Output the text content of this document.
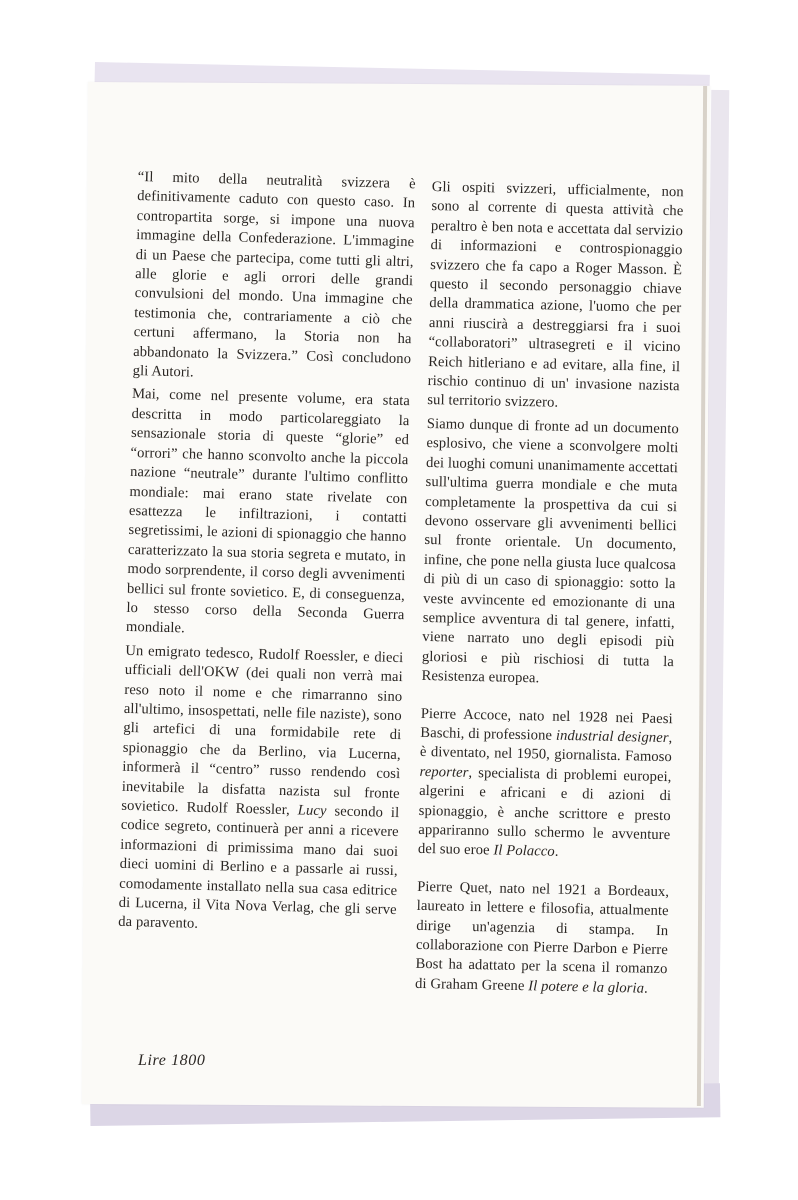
“Il mito della neutralità svizzera è definitivamente caduto con questo caso. In contropartita sorge, si impone una nuova immagine della Confederazione. L'immagine di un Paese che partecipa, come tutti gli altri, alle glorie e agli orrori delle grandi convulsioni del mondo. Una immagine che testimonia che, contrariamente a ciò che certuni affermano, la Storia non ha abbandonato la Svizzera.” Così concludono gli Autori.

Mai, come nel presente volume, era stata descritta in modo particolareggiato la sensazionale storia di queste “glorie” ed “orrori” che hanno sconvolto anche la piccola nazione “neutrale” durante l'ultimo conflitto mondiale: mai erano state rivelate con esattezza le infiltrazioni, i contatti segretissimi, le azioni di spionaggio che hanno caratterizzato la sua storia segreta e mutato, in modo sorprendente, il corso degli avvenimenti bellici sul fronte sovietico. E, di conseguenza, lo stesso corso della Seconda Guerra mondiale.

Un emigrato tedesco, Rudolf Roessler, e dieci ufficiali dell'OKW (dei quali non verrà mai reso noto il nome e che rimarranno sino all'ultimo, insospettati, nelle file naziste), sono gli artefici di una formidabile rete di spionaggio che da Berlino, via Lucerna, informerà il “centro” russo rendendo così inevitabile la disfatta nazista sul fronte sovietico. Rudolf Roessler, Lucy secondo il codice segreto, continuerà per anni a ricevere informazioni di primissima mano dai suoi dieci uomini di Berlino e a passarle ai russi, comodamente installato nella sua casa editrice di Lucerna, il Vita Nova Verlag, che gli serve da paravento.

Gli ospiti svizzeri, ufficialmente, non sono al corrente di questa attività che peraltro è ben nota e accettata dal servizio di informazioni e controspionaggio svizzero che fa capo a Roger Masson. È questo il secondo personaggio chiave della drammatica azione, l'uomo che per anni riuscirà a destreggiarsi fra i suoi “collaboratori” ultrasegreti e il vicino Reich hitleriano e ad evitare, alla fine, il rischio continuo di un' invasione nazista sul territorio svizzero.

Siamo dunque di fronte ad un documento esplosivo, che viene a sconvolgere molti dei luoghi comuni unanimamente accettati sull'ultima guerra mondiale e che muta completamente la prospettiva da cui si devono osservare gli avvenimenti bellici sul fronte orientale. Un documento, infine, che pone nella giusta luce qualcosa di più di un caso di spionaggio: sotto la veste avvincente ed emozionante di una semplice avventura di tal genere, infatti, viene narrato uno degli episodi più gloriosi e più rischiosi di tutta la Resistenza europea.

Pierre Accoce, nato nel 1928 nei Paesi Baschi, di professione industrial designer, è diventato, nel 1950, giornalista. Famoso reporter, specialista di problemi europei, algerini e africani e di azioni di spionaggio, è anche scrittore e presto appariranno sullo schermo le avventure del suo eroe Il Polacco.

Pierre Quet, nato nel 1921 a Bordeaux, laureato in lettere e filosofia, attualmente dirige un'agenzia di stampa. In collaborazione con Pierre Darbon e Pierre Bost ha adattato per la scena il romanzo di Graham Greene Il potere e la gloria.

Lire 1800
